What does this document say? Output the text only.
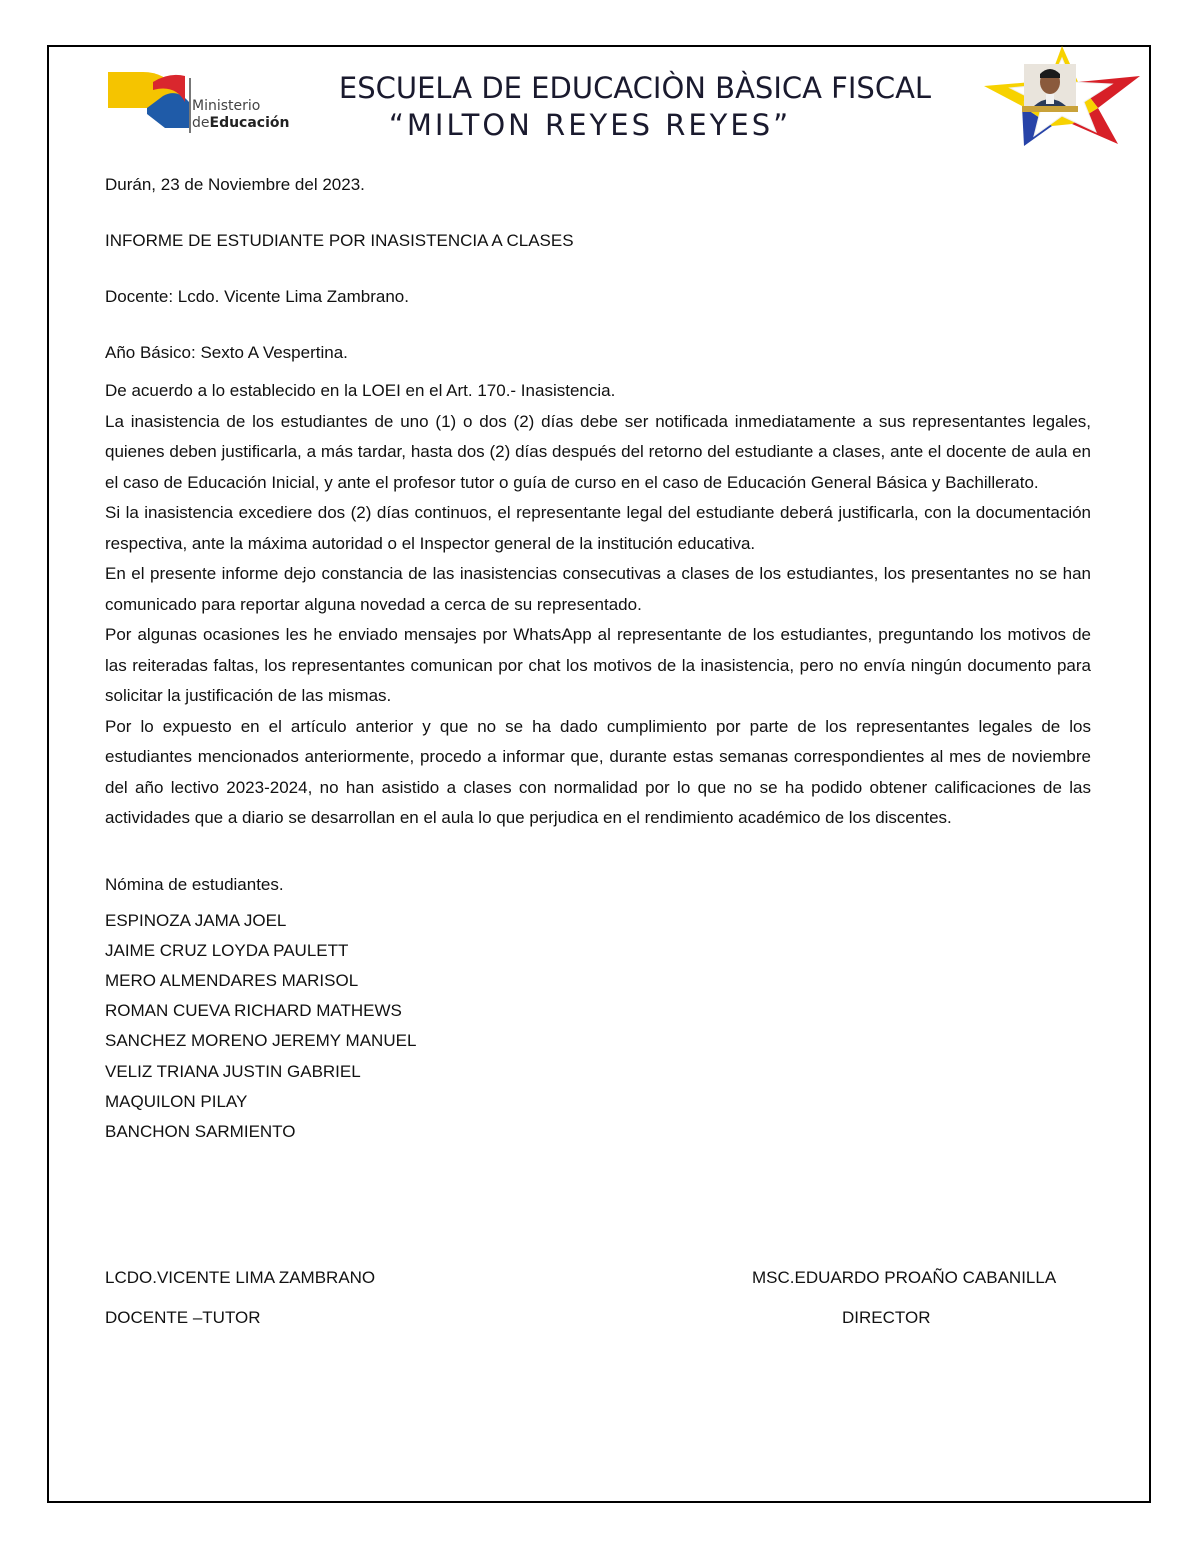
Ministerio
deEducación
ESCUELA DE EDUCACIÒN BÀSICA FISCAL
“MILTON REYES REYES”
Durán, 23 de Noviembre del 2023.
INFORME DE ESTUDIANTE POR INASISTENCIA A CLASES
Docente: Lcdo. Vicente Lima Zambrano.
Año Básico: Sexto A Vespertina.

De acuerdo a lo establecido en la LOEI en el Art. 170.- Inasistencia.

La inasistencia de los estudiantes de uno (1) o dos (2) días debe ser notificada inmediatamente a sus representantes legales, quienes deben justificarla, a más tardar, hasta dos (2) días después del retorno del estudiante a clases, ante el docente de aula en el caso de Educación Inicial, y ante el profesor tutor o guía de curso en el caso de Educación General Básica y Bachillerato.

Si la inasistencia excediere dos (2) días continuos, el representante legal del estudiante deberá justificarla, con la documentación respectiva, ante la máxima autoridad o el Inspector general de la institución educativa.

En el presente informe dejo constancia de las inasistencias consecutivas a clases de los estudiantes, los presentantes no se han comunicado para reportar alguna novedad a cerca de su representado.

Por algunas ocasiones les he enviado mensajes por WhatsApp al representante de los estudiantes, preguntando los motivos de las reiteradas faltas, los representantes comunican por chat los motivos de la inasistencia, pero no envía ningún documento para solicitar la justificación de las mismas.

Por lo expuesto en el artículo anterior y que no se ha dado cumplimiento por parte de los representantes legales de los estudiantes mencionados anteriormente, procedo a informar que, durante estas semanas correspondientes al mes de noviembre del año lectivo 2023-2024, no han asistido a clases con normalidad por lo que no se ha podido obtener calificaciones de las actividades que a diario se desarrollan en el aula lo que perjudica en el rendimiento académico de los discentes.

Nómina de estudiantes.
ESPINOZA JAMA JOEL
JAIME CRUZ LOYDA PAULETT
MERO ALMENDARES MARISOL
ROMAN CUEVA RICHARD MATHEWS
SANCHEZ MORENO JEREMY MANUEL
VELIZ TRIANA JUSTIN GABRIEL
MAQUILON PILAY
BANCHON SARMIENTO
LCDO.VICENTE LIMA ZAMBRANO
DOCENTE –TUTOR
MSC.EDUARDO PROAÑO CABANILLA
DIRECTOR
